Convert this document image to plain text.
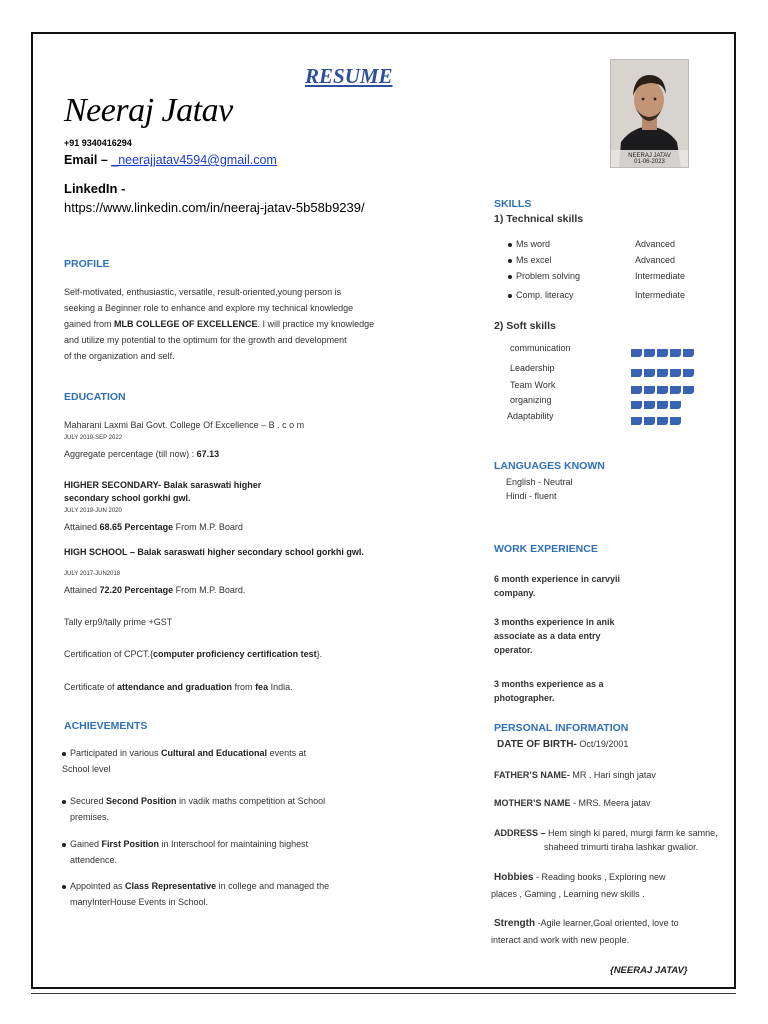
RESUME
Neeraj Jatav
+91 9340416294
Email – _neerajjatav4594@gmail.com
LinkedIn -
https://www.linkedin.com/in/neeraj-jatav-5b58b9239/
NEERAJ JATAV
01-06-2023
PROFILE
Self-motivated, enthusiastic, versatile, result-oriented,young person is
seeking a Beginner role to enhance and explore my technical knowledge
gained from MLB COLLEGE OF EXCELLENCE. I will practice my knowledge
and utilize my potential to the optimum for the growth and development
of the organization and self.
EDUCATION
Maharani Laxmi Bai Govt. College Of Excellence – B . c o m
JULY 2019-SEP 2022
Aggregate percentage (till now) : 67.13
HIGHER SECONDARY- Balak saraswati higher
secondary school gorkhi gwl.
JULY 2019-JUN 2020
Attained 68.65 Percentage From M.P. Board
HIGH SCHOOL – Balak saraswati higher secondary school gorkhi gwl.
JULY 2017-JUN2018
Attained 72.20 Percentage From M.P. Board.
Tally erp9/tally prime +GST
Certification of CPCT.{computer proficiency certification test}.
Certificate of attendance and graduation from fea India.
ACHIEVEMENTS
Participated in various Cultural and Educational events at
School level
Secured Second Position in vadik maths competition at School
premises.
Gained First Position in Interschool for maintaining highest
attendence.
Appointed as Class Representative in college and managed the
manyInterHouse Events in School.
SKILLS
1) Technical skills
Ms word	Advanced
Ms excel	Advanced
Problem solving	Intermediate
Comp. literacy	Intermediate
2) Soft skills
communication
Leadership
Team Work
organizing
Adaptability
LANGUAGES KNOWN
English - Neutral
Hindi - fluent
WORK EXPERIENCE
6 month experience in carvyii
company.
3 months experience in anik
associate as a data entry
operator.
3 months experience as a
photographer.
PERSONAL INFORMATION
DATE OF BIRTH- Oct/19/2001
FATHER’S NAME- MR . Hari singh jatav
MOTHER’S NAME - MRS. Meera jatav
ADDRESS – Hem singh ki pared, murgi farm ke samne,
shaheed trimurti tiraha lashkar gwalior.
Hobbies - Reading books , Exploring new
places , Gaming , Learning new skills .
Strength -Agile learner,Goal oriented, love to
interact and work with new people.
{NEERAJ JATAV}
